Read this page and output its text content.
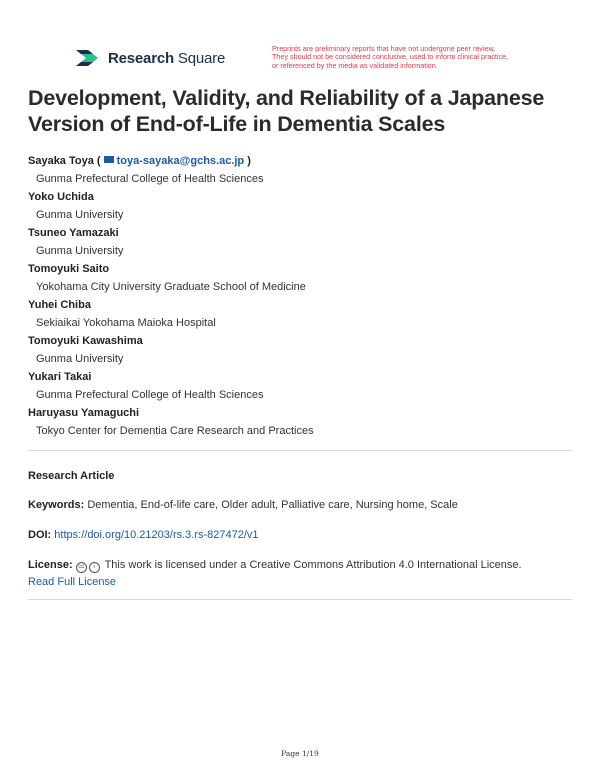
Research Square
Preprints are preliminary reports that have not undergone peer review.
They should not be considered conclusive, used to inform clinical practice,
or referenced by the media as validated information.
Development, Validity, and Reliability of a Japanese Version of End-of-Life in Dementia Scales
Sayaka Toya ( toya-sayaka@gchs.ac.jp )
Gunma Prefectural College of Health Sciences
Yoko Uchida
Gunma University
Tsuneo Yamazaki
Gunma University
Tomoyuki Saito
Yokohama City University Graduate School of Medicine
Yuhei Chiba
Sekiaikai Yokohama Maioka Hospital
Tomoyuki Kawashima
Gunma University
Yukari Takai
Gunma Prefectural College of Health Sciences
Haruyasu Yamaguchi
Tokyo Center for Dementia Care Research and Practices
Research Article
Keywords: Dementia, End-of-life care, Older adult, Palliative care, Nursing home, Scale
DOI: https://doi.org/10.21203/rs.3.rs-827472/v1
License: cc i This work is licensed under a Creative Commons Attribution 4.0 International License.
Read Full License
Page 1/19
